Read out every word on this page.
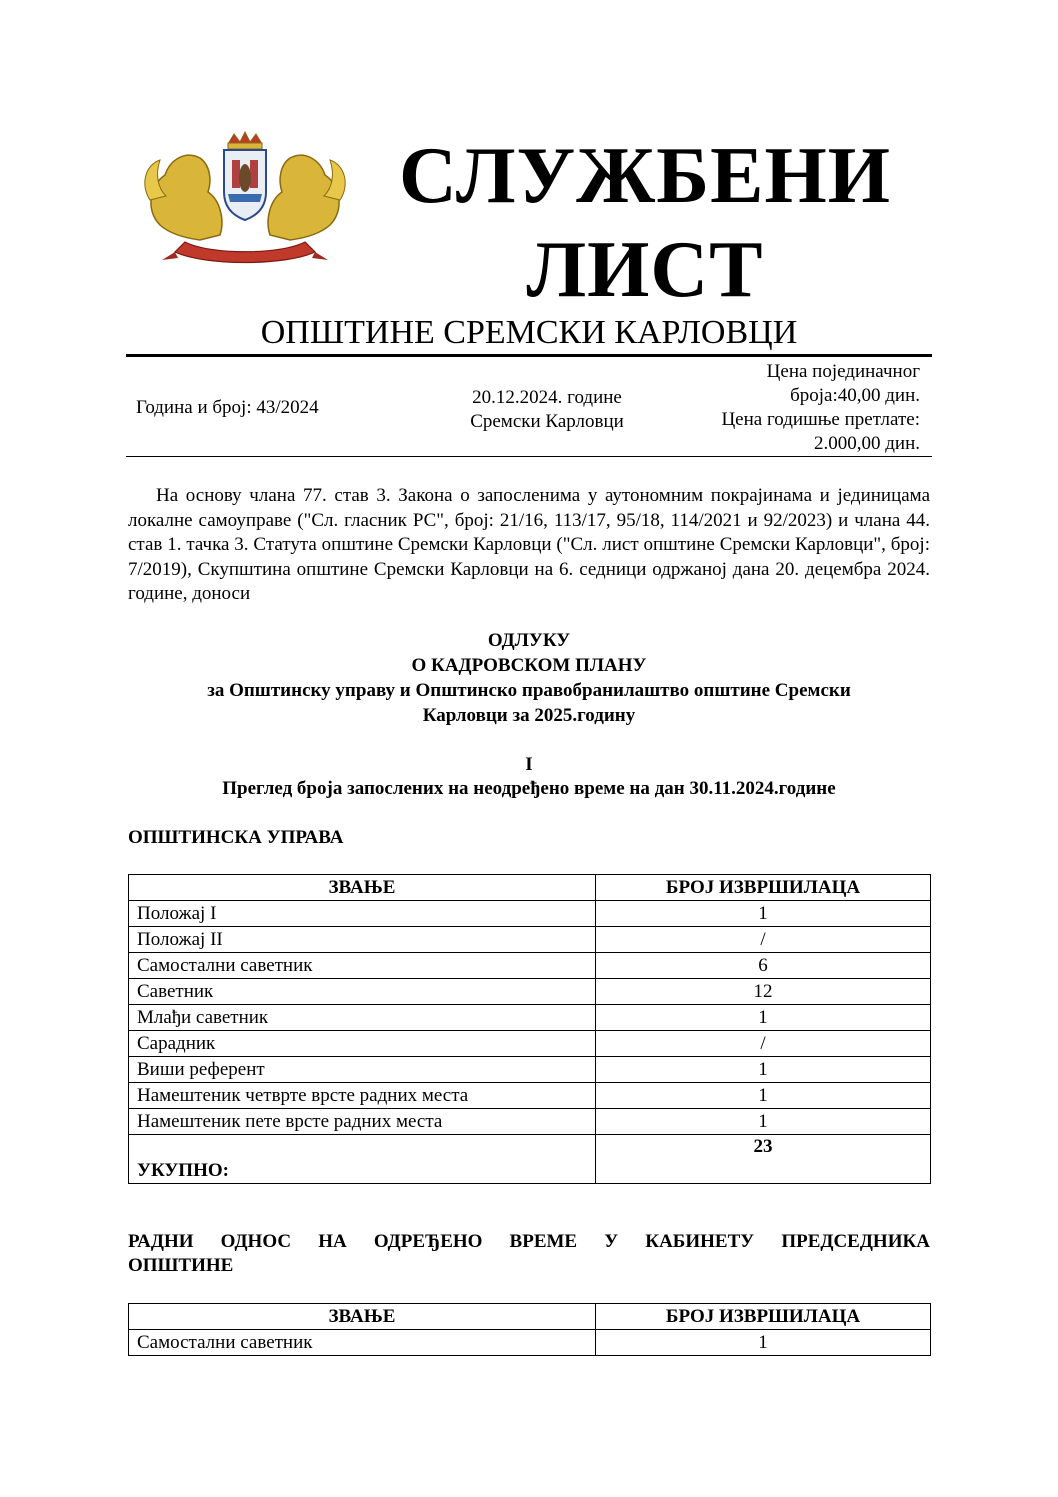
СЛУЖБЕНИ
ЛИСТ
ОПШТИНЕ СРЕМСКИ КАРЛОВЦИ
Година и број: 43/2024	20.12.2024. године
Сремски Карловци
Цена појединачног
броја:40,00 дин.
Цена годишње претлате:
2.000,00 дин.
На основу члана 77. став 3. Закона о запосленима у аутономним покрајинама и јединицама локалне самоуправе ("Сл. гласник РС", број: 21/16, 113/17, 95/18, 114/2021 и 92/2023) и члана 44. став 1. тачка 3. Статута општине Сремски Карловци ("Сл. лист општине Сремски Карловци", број: 7/2019), Скупштина општине Сремски Карловци на 6. седници одржаној дана 20. децембра 2024. године, доноси
ОДЛУКУ
О КАДРОВСКОМ ПЛАНУ
за Општинску управу и Општинско правобранилаштво општине Сремски
Карловци за 2025.годину
I
Преглед броја запослених на неодређено време на дан 30.11.2024.године
ОПШТИНСКА УПРАВА
ЗВАЊЕ	БРОЈ ИЗВРШИЛАЦА
Положај I	1
Положај II	/
Самостални саветник	6
Саветник	12
Млађи саветник	1
Сарадник	/
Виши референт	1
Намештеник четврте врсте радних места	1
Намештеник пете врсте радних места	1
УКУПНО:	23
РАДНИ ОДНОС НА ОДРЕЂЕНО ВРЕМЕ У КАБИНЕТУ ПРЕДСЕДНИКА
ОПШТИНЕ
ЗВАЊЕ	БРОЈ ИЗВРШИЛАЦА
Самостални саветник	1
